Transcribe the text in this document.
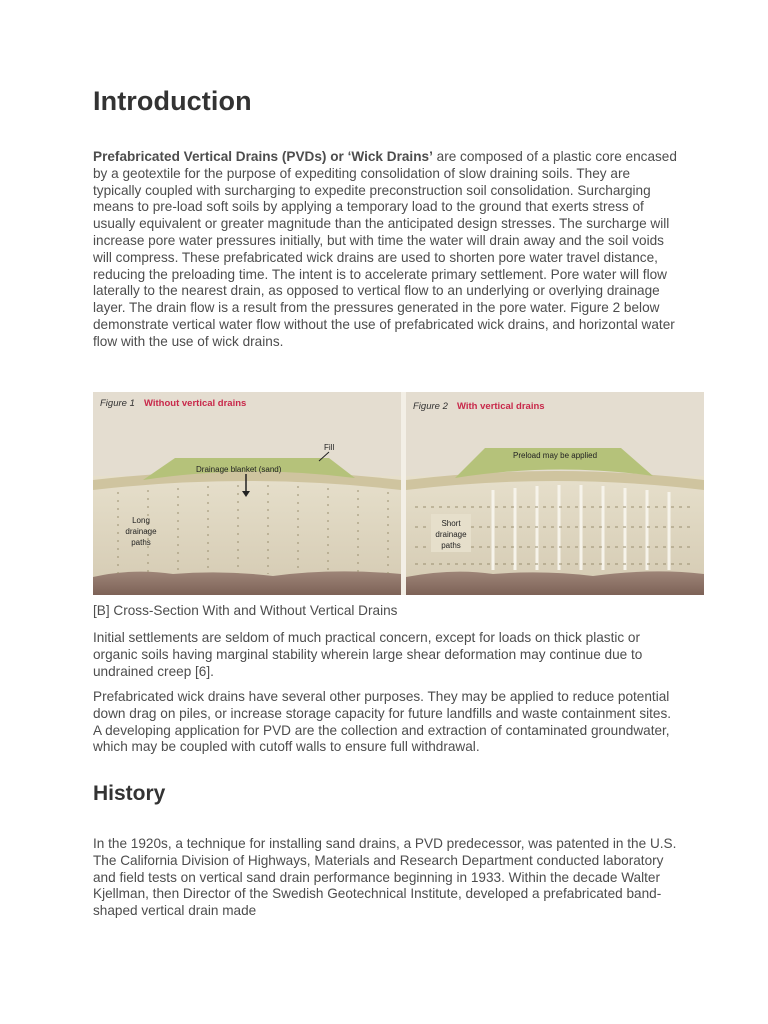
Introduction

Prefabricated Vertical Drains (PVDs) or ‘Wick Drains’ are composed of a plastic core encased by a geotextile for the purpose of expediting consolidation of slow draining soils. They are typically coupled with surcharging to expedite preconstruction soil consolidation. Surcharging means to pre-load soft soils by applying a temporary load to the ground that exerts stress of usually equivalent or greater magnitude than the anticipated design stresses. The surcharge will increase pore water pressures initially, but with time the water will drain away and the soil voids will compress. These prefabricated wick drains are used to shorten pore water travel distance, reducing the preloading time. The intent is to accelerate primary settlement. Pore water will flow laterally to the nearest drain, as opposed to vertical flow to an underlying or overlying drainage layer. The drain flow is a result from the pressures generated in the pore water. Figure 2 below demonstrate vertical water flow without the use of prefabricated wick drains, and horizontal water flow with the use of wick drains.

Figure 1 Without vertical drains
Fill
Drainage blanket (sand)
Long
drainage
paths
Figure 2 With vertical drains
Preload may be applied
Short
drainage
paths

[B] Cross-Section With and Without Vertical Drains

Initial settlements are seldom of much practical concern, except for loads on thick plastic or organic soils having marginal stability wherein large shear deformation may continue due to undrained creep [6].

Prefabricated wick drains have several other purposes. They may be applied to reduce potential down drag on piles, or increase storage capacity for future landfills and waste containment sites. A developing application for PVD are the collection and extraction of contaminated groundwater, which may be coupled with cutoff walls to ensure full withdrawal.

History

In the 1920s, a technique for installing sand drains, a PVD predecessor, was patented in the U.S. The California Division of Highways, Materials and Research Department conducted laboratory and field tests on vertical sand drain performance beginning in 1933. Within the decade Walter Kjellman, then Director of the Swedish Geotechnical Institute, developed a prefabricated band-shaped vertical drain made
